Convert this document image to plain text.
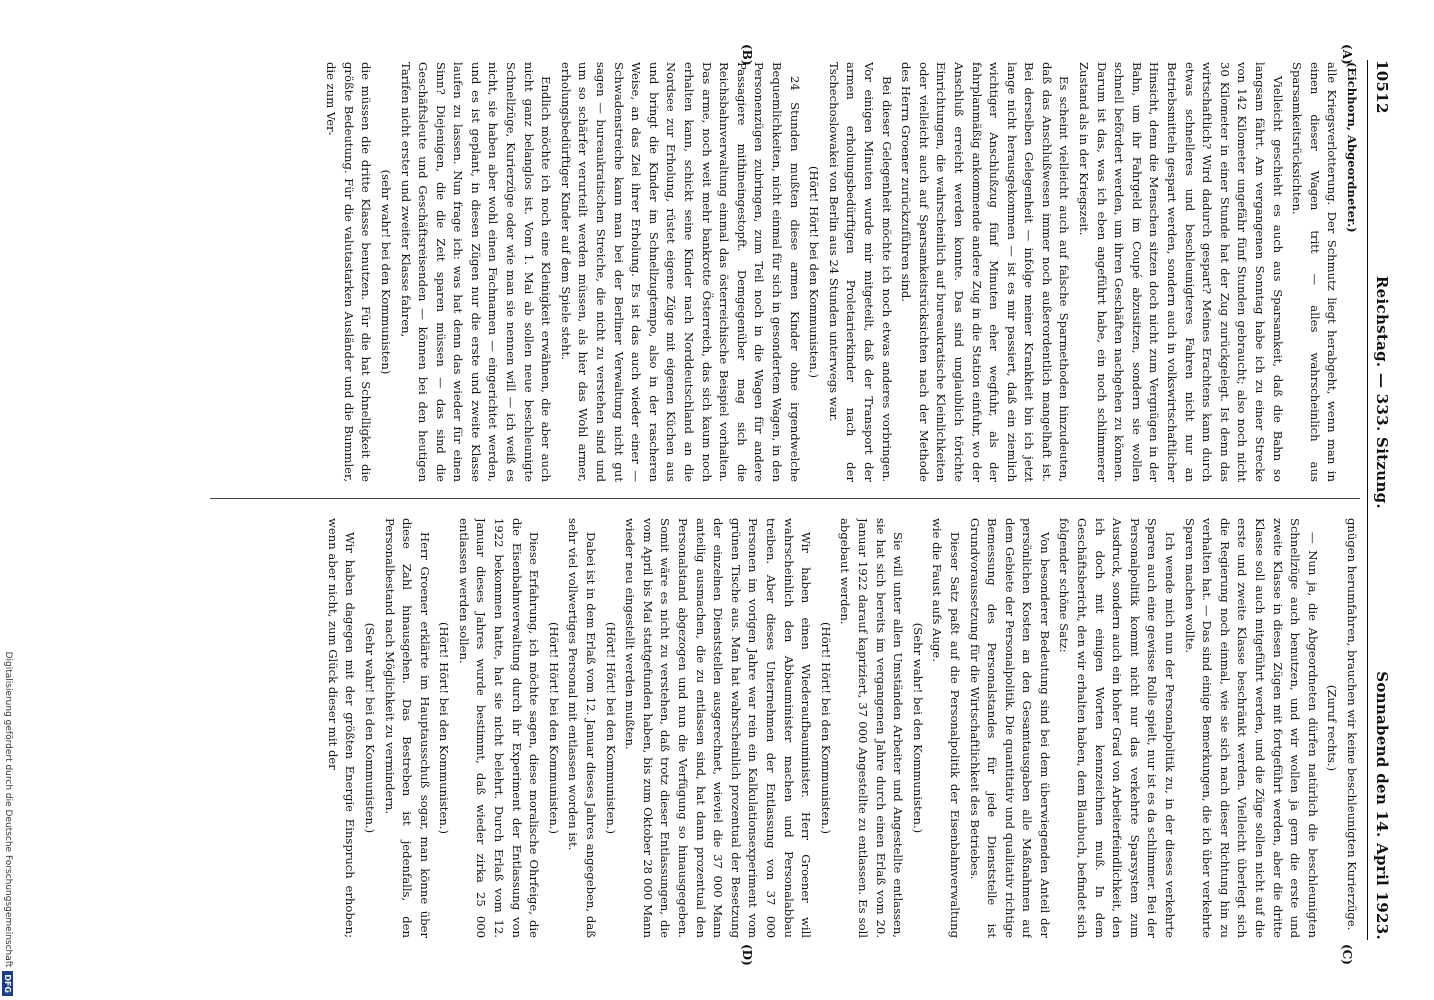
10512
Reichstag. — 333. Sitzung.
Sonnabend den 14. April 1923.
(A)
(B)
(C)
(D)

(Eichhorn, Abgeordneter.)

alle Kriegsverlotterung. Der Schmutz liegt herabgeht, wenn man in einen dieser Wagen tritt — alles wahrscheinlich aus Sparsamkeitsrücksichten.

Vielleicht geschieht es auch aus Sparsamkeit, daß die Bahn so langsam fährt. Am vergangenen Sonntag habe ich zu einer Strecke von 142 Kilometer ungefähr fünf Stunden gebraucht; also noch nicht 30 Kilometer in einer Stunde hat der Zug zurückgelegt. Ist denn das wirtschaftlich? Wird dadurch gespart? Meines Erachtens kann durch etwas schnelleres und beschleunigteres Fahren nicht nur an Betriebsmitteln gespart werden, sondern auch in volkswirtschaftlicher Hinsicht, denn die Menschen sitzen doch nicht zum Vergnügen in der Bahn, um ihr Fahrgeld im Coupé abzusitzen, sondern sie wollen schnell befördert werden, um ihren Geschäften nachgehen zu können. Darum ist das, was ich eben angeführt habe, ein noch schlimmerer Zustand als in der Kriegszeit.

Es scheint vielleicht auch auf falsche Sparmethoden hinzudeuten, daß das Anschlußwesen immer noch außerordentlich mangelhaft ist. Bei derselben Gelegenheit — infolge meiner Krankheit bin ich jetzt lange nicht herausgekommen — ist es mir passiert, daß ein ziemlich wichtiger Anschlußzug fünf Minuten eher wegfuhr, als der fahrplanmäßig ankommende andere Zug in die Station einfuhr, wo der Anschluß erreicht werden konnte. Das sind unglaublich törichte Einrichtungen, die wahrscheinlich auf bureaukratische Kleinlichkeiten oder vielleicht auch auf Sparsamkeitsrücksichten nach der Methode des Herrn Groener zurückzuführen sind.

Bei dieser Gelegenheit möchte ich noch etwas anderes vorbringen. Vor einigen Minuten wurde mir mitgeteilt, daß der Transport der armen erholungsbedürftigen Proletarierkinder nach der Tschechoslowakei von Berlin aus 24 Stunden unterwegs war.

(Hört! Hört! bei den Kommunisten.)

24 Stunden mußten diese armen Kinder ohne irgendwelche Bequemlichkeiten, nicht einmal für sich in gesondertem Wagen, in den Personenzügen zubringen, zum Teil noch in die Wagen für andere Passagiere mithineingestopft. Demgegenüber mag sich die Reichsbahnverwaltung einmal das österreichische Beispiel vorhalten. Das arme, noch weit mehr bankrotte Österreich, das sich kaum noch erhalten kann, schickt seine Kinder nach Norddeutschland an die Nordsee zur Erholung, rüstet eigene Züge mit eigenen Küchen aus und bringt die Kinder im Schnellzugtempo, also in der rascheren Weise, an das Ziel ihrer Erholung. Es ist das auch wieder einer — Schwadenstreiche kann man bei der Berliner Verwaltung nicht gut sagen — bureaukratischen Streiche, die nicht zu verstehen sind und um so schärfer verurteilt werden müssen, als hier das Wohl armer, erholungsbedürftiger Kinder auf dem Spiele steht.

Endlich möchte ich noch eine Kleinigkeit erwähnen, die aber auch nicht ganz belanglos ist. Vom 1. Mai ab sollen neue beschleunigte Schnellzüge, Kurierzüge oder wie man sie nennen will — ich weiß es nicht, sie haben aber wohl einen Fachnamen — eingerichtet werden, und es ist geplant, in diesen Zügen nur die erste und zweite Klasse laufen zu lassen. Nun frage ich: was hat denn das wieder für einen Sinn? Diejenigen, die die Zeit sparen müssen — das sind die Geschäftsleute und Geschäftsreisenden — können bei den heutigen Tarifen nicht erster und zweiter Klasse fahren,

(sehr wahr! bei den Kommunisten)

die müssen die dritte Klasse benutzen. Für die hat Schnelligkeit die größte Bedeutung. Für die valutastarken Ausländer und die Bummler, die zum Ver-

gnügen herumfahren, brauchen wir keine beschleunigten Kurierzüge.

(Zuruf rechts.)

— Nun ja, die Abgeordneten dürfen natürlich die beschleunigten Schnellzüge auch benutzen, und wir wollen ja gern die erste und zweite Klasse in diesen Zügen mit fortgeführt werden, aber die dritte Klasse soll auch mitgeführt werden, und die Züge sollen nicht auf die erste und zweite Klasse beschränkt werden. Vielleicht überlegt sich die Regierung noch einmal, wie sie sich nach dieser Richtung hin zu verhalten hat. — Das sind einige Bemerkungen, die ich über verkehrte Sparen machen wollte.

Ich wende mich nun der Personalpolitik zu, in der dieses verkehrte Sparen auch eine gewisse Rolle spielt, nur ist es da schlimmer. Bei der Personalpolitik kommt nicht nur das verkehrte Sparsystem zum Ausdruck, sondern auch ein hoher Grad von Arbeiterfeindlichkeit, den ich doch mit einigen Worten kennzeichnen muß. In dem Geschäftsbericht, den wir erhalten haben, dem Blaubuch, befindet sich folgender schöne Satz:

Von besonderer Bedeutung sind bei dem überwiegenden Anteil der persönlichen Kosten an den Gesamtausgaben alle Maßnahmen auf dem Gebiete der Personalpolitik. Die quantitativ und qualitativ richtige Bemessung des Personalstandes für jede Dienststelle ist Grundvoraussetzung für die Wirtschaftlichkeit des Betriebes.

Dieser Satz paßt auf die Personalpolitik der Eisenbahnverwaltung wie die Faust aufs Auge.

(Sehr wahr! bei den Kommunisten.)

Sie will unter allen Umständen Arbeiter und Angestellte entlassen, sie hat sich bereits im vergangenen Jahre durch einen Erlaß vom 20. Januar 1922 darauf kapriziert, 37 000 Angestellte zu entlassen. Es soll abgebaut werden.

(Hört! Hört! bei den Kommunisten.)

Wir haben einen Wiederaufbauminister. Herr Groener will wahrscheinlich den Abbauminister machen und Personalabbau treiben. Aber dieses Unternehmen der Entlassung von 37 000 Personen im vorigen Jahre war rein ein Kalkulationsexperiment vom grünen Tische aus. Man hat wahrscheinlich prozentual der Besetzung der einzelnen Dienststellen ausgerechnet, wieviel die 37 000 Mann anteilig ausmachen, die zu entlassen sind, hat dann prozentual den Personalstand abgezogen und nun die Verfügung so hinausgegeben. Somit wäre es nicht zu verstehen, daß trotz dieser Entlassungen, die vom April bis Mai stattgefunden haben, bis zum Oktober 28 000 Mann wieder neu eingestellt werden mußten.

(Hört! Hört! bei den Kommunisten.)

Dabei ist in dem Erlaß vom 12. Januar dieses Jahres angegeben, daß sehr viel vollwertiges Personal mit entlassen worden ist.

(Hört! Hört! bei den Kommunisten.)

Diese Erfahrung, ich möchte sagen, diese moralische Ohrfeige, die die Eisenbahnverwaltung durch ihr Experiment der Entlassung von 1922 bekommen hatte, hat sie nicht belehrt. Durch Erlaß vom 12. Januar dieses Jahres wurde bestimmt, daß wieder zirka 25 000 entlassen werden sollen.

(Hört! Hört! bei den Kommunisten.)

Herr Groener erklärte im Hauptausschuß sogar, man könne über diese Zahl hinausgehen. Das Bestreben ist jedenfalls, den Personalbestand nach Möglichkeit zu vermindern.

(Sehr wahr! bei den Kommunisten.)

Wir haben dagegen mit der größten Energie Einspruch erhoben; wenn aber nicht, zum Glück dieser mit der

Digitalisierung gefördert durch die Deutsche Forschungsgemeinschaft
DFG
